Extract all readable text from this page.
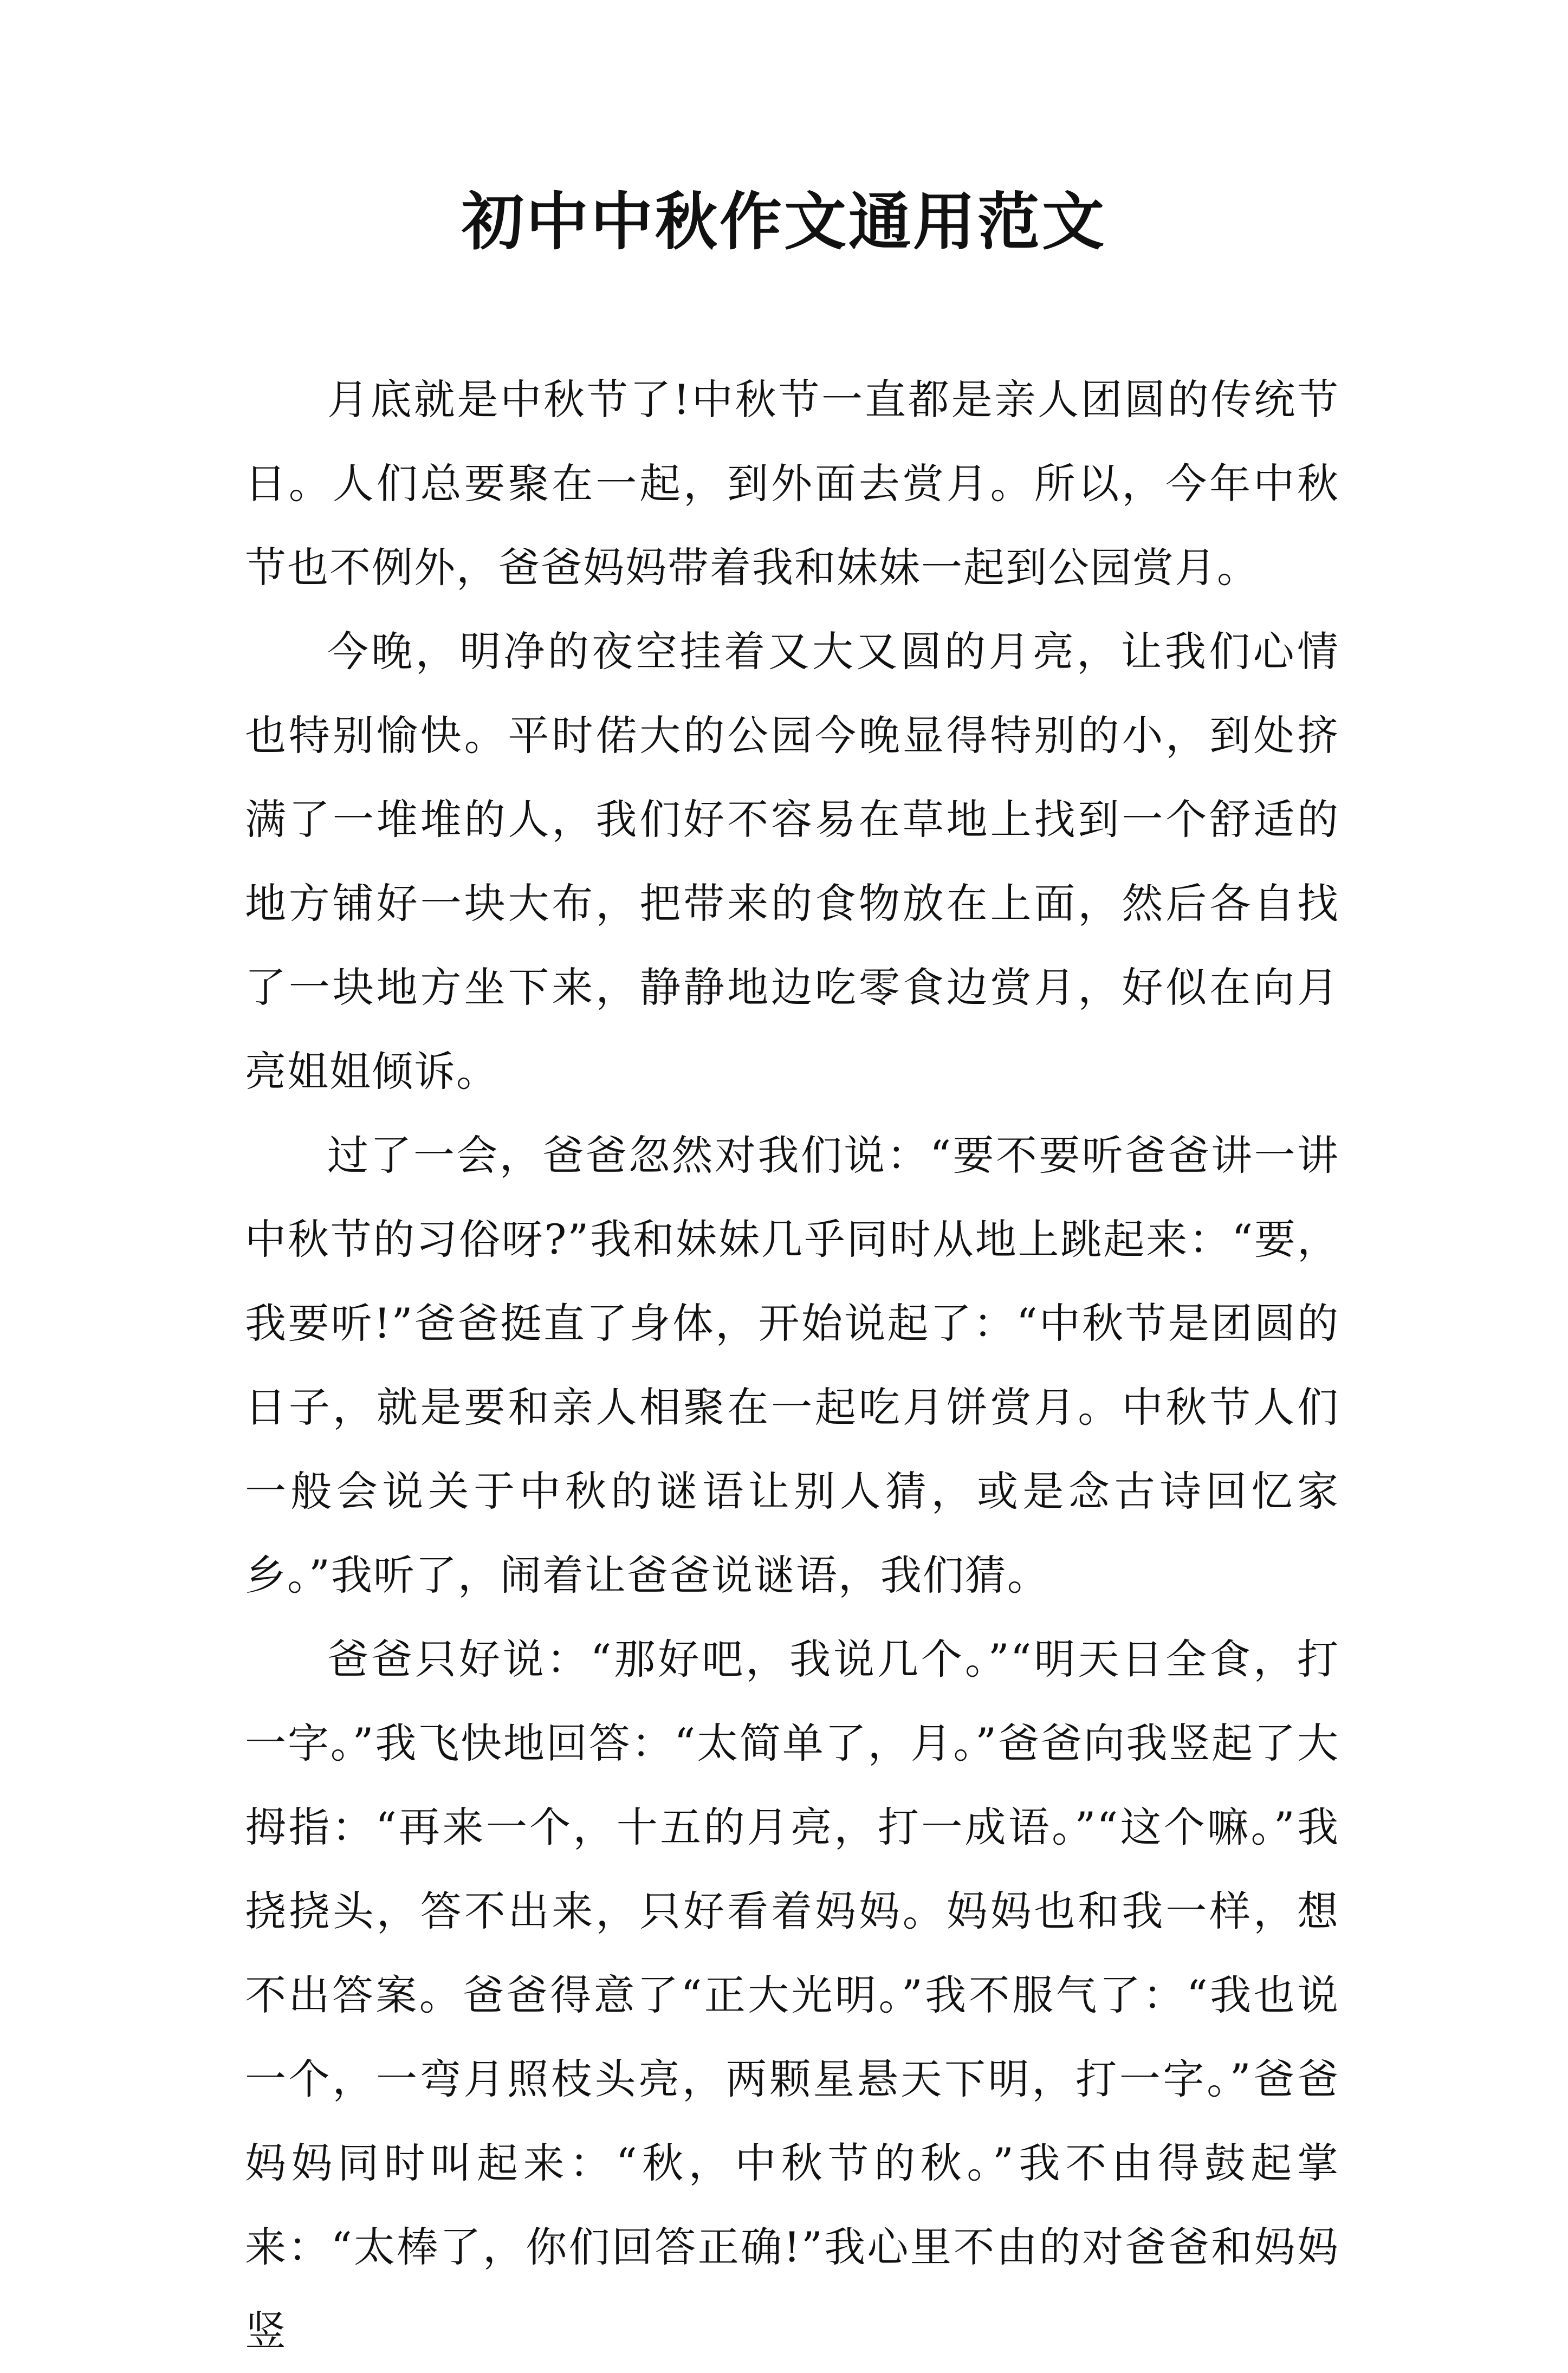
初中中秋作文通用范文

月底就是中秋节了!中秋节一直都是亲人团圆的传统节日。人们总要聚在一起，到外面去赏月。所以，今年中秋节也不例外，爸爸妈妈带着我和妹妹一起到公园赏月。

今晚，明净的夜空挂着又大又圆的月亮，让我们心情也特别愉快。平时偌大的公园今晚显得特别的小，到处挤满了一堆堆的人，我们好不容易在草地上找到一个舒适的地方铺好一块大布，把带来的食物放在上面，然后各自找了一块地方坐下来，静静地边吃零食边赏月，好似在向月亮姐姐倾诉。

过了一会，爸爸忽然对我们说：“要不要听爸爸讲一讲中秋节的习俗呀?”我和妹妹几乎同时从地上跳起来：“要，我要听!”爸爸挺直了身体，开始说起了：“中秋节是团圆的日子，就是要和亲人相聚在一起吃月饼赏月。中秋节人们一般会说关于中秋的谜语让别人猜，或是念古诗回忆家乡。”我听了，闹着让爸爸说谜语，我们猜。

爸爸只好说：“那好吧，我说几个。”“明天日全食，打一字。”我飞快地回答：“太简单了，月。”爸爸向我竖起了大拇指：“再来一个，十五的月亮，打一成语。”“这个嘛。”我挠挠头，答不出来，只好看着妈妈。妈妈也和我一样，想不出答案。爸爸得意了“正大光明。”我不服气了：“我也说一个，一弯月照枝头亮，两颗星悬天下明，打一字。”爸爸妈妈同时叫起来：“秋，中秋节的秋。”我不由得鼓起掌来：“太棒了，你们回答正确!”我心里不由的对爸爸和妈妈竖
